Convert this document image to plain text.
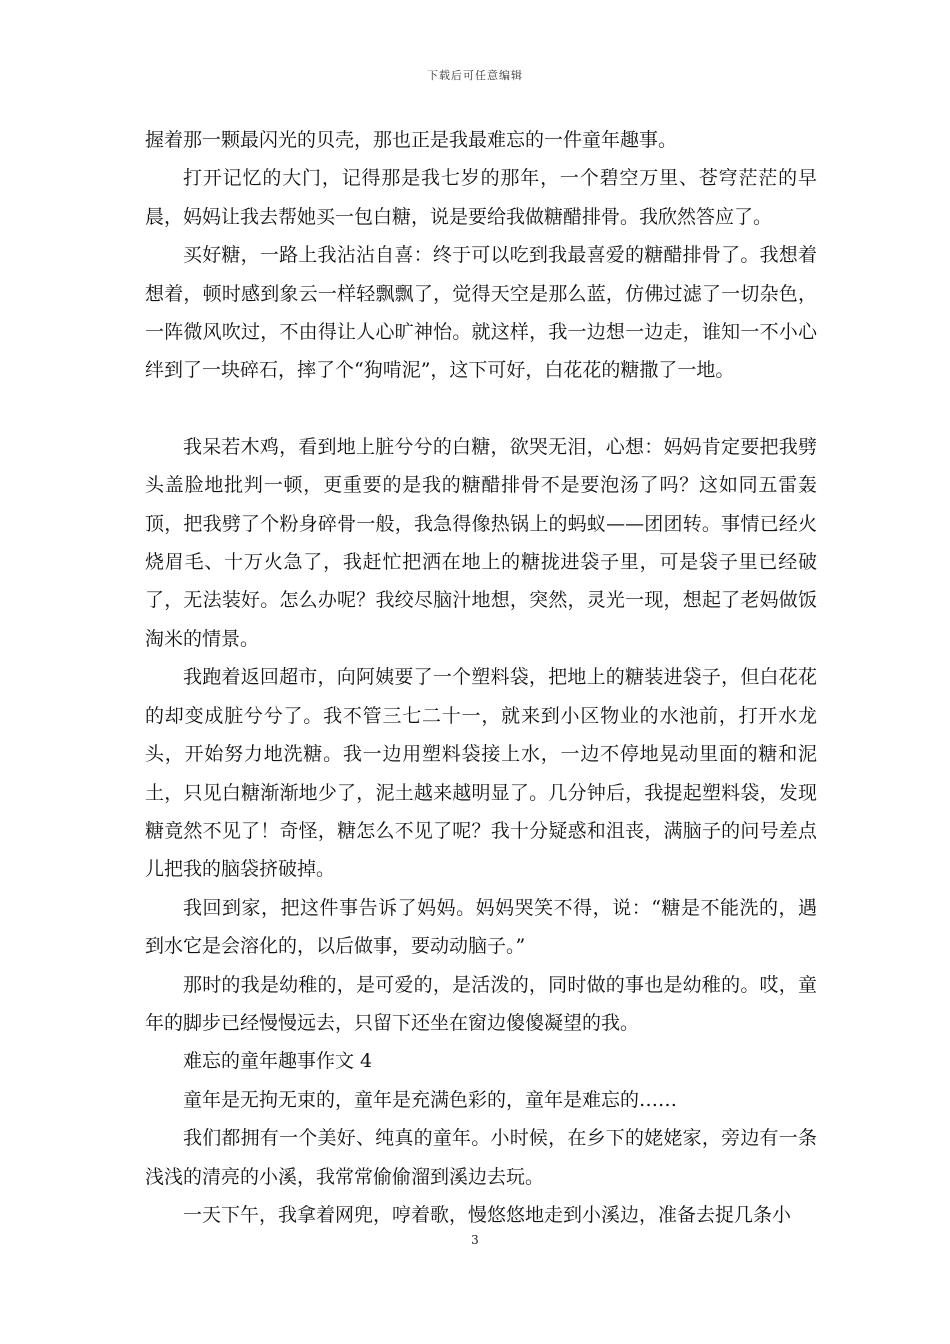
下载后可任意编辑

握着那一颗最闪光的贝壳，那也正是我最难忘的一件童年趣事。

打开记忆的大门，记得那是我七岁的那年，一个碧空万里、苍穹茫茫的早晨，妈妈让我去帮她买一包白糖，说是要给我做糖醋排骨。我欣然答应了。

买好糖，一路上我沾沾自喜：终于可以吃到我最喜爱的糖醋排骨了。我想着想着，顿时感到象云一样轻飘飘了，觉得天空是那么蓝，仿佛过滤了一切杂色，一阵微风吹过，不由得让人心旷神怡。就这样，我一边想一边走，谁知一不小心绊到了一块碎石，摔了个“狗啃泥”，这下可好，白花花的糖撒了一地。

我呆若木鸡，看到地上脏兮兮的白糖，欲哭无泪，心想：妈妈肯定要把我劈头盖脸地批判一顿，更重要的是我的糖醋排骨不是要泡汤了吗？这如同五雷轰顶，把我劈了个粉身碎骨一般，我急得像热锅上的蚂蚁——团团转。事情已经火烧眉毛、十万火急了，我赶忙把洒在地上的糖拢进袋子里，可是袋子里已经破了，无法装好。怎么办呢？我绞尽脑汁地想，突然，灵光一现，想起了老妈做饭淘米的情景。

我跑着返回超市，向阿姨要了一个塑料袋，把地上的糖装进袋子，但白花花的却变成脏兮兮了。我不管三七二十一，就来到小区物业的水池前，打开水龙头，开始努力地洗糖。我一边用塑料袋接上水，一边不停地晃动里面的糖和泥土，只见白糖渐渐地少了，泥土越来越明显了。几分钟后，我提起塑料袋，发现糖竟然不见了！奇怪，糖怎么不见了呢？我十分疑惑和沮丧，满脑子的问号差点儿把我的脑袋挤破掉。

我回到家，把这件事告诉了妈妈。妈妈哭笑不得，说：“糖是不能洗的，遇到水它是会溶化的，以后做事，要动动脑子。”

那时的我是幼稚的，是可爱的，是活泼的，同时做的事也是幼稚的。哎，童年的脚步已经慢慢远去，只留下还坐在窗边傻傻凝望的我。

难忘的童年趣事作文 4

童年是无拘无束的，童年是充满色彩的，童年是难忘的……

我们都拥有一个美好、纯真的童年。小时候，在乡下的姥姥家，旁边有一条浅浅的清亮的小溪，我常常偷偷溜到溪边去玩。

一天下午，我拿着网兜，哼着歌，慢悠悠地走到小溪边，准备去捉几条小

3
